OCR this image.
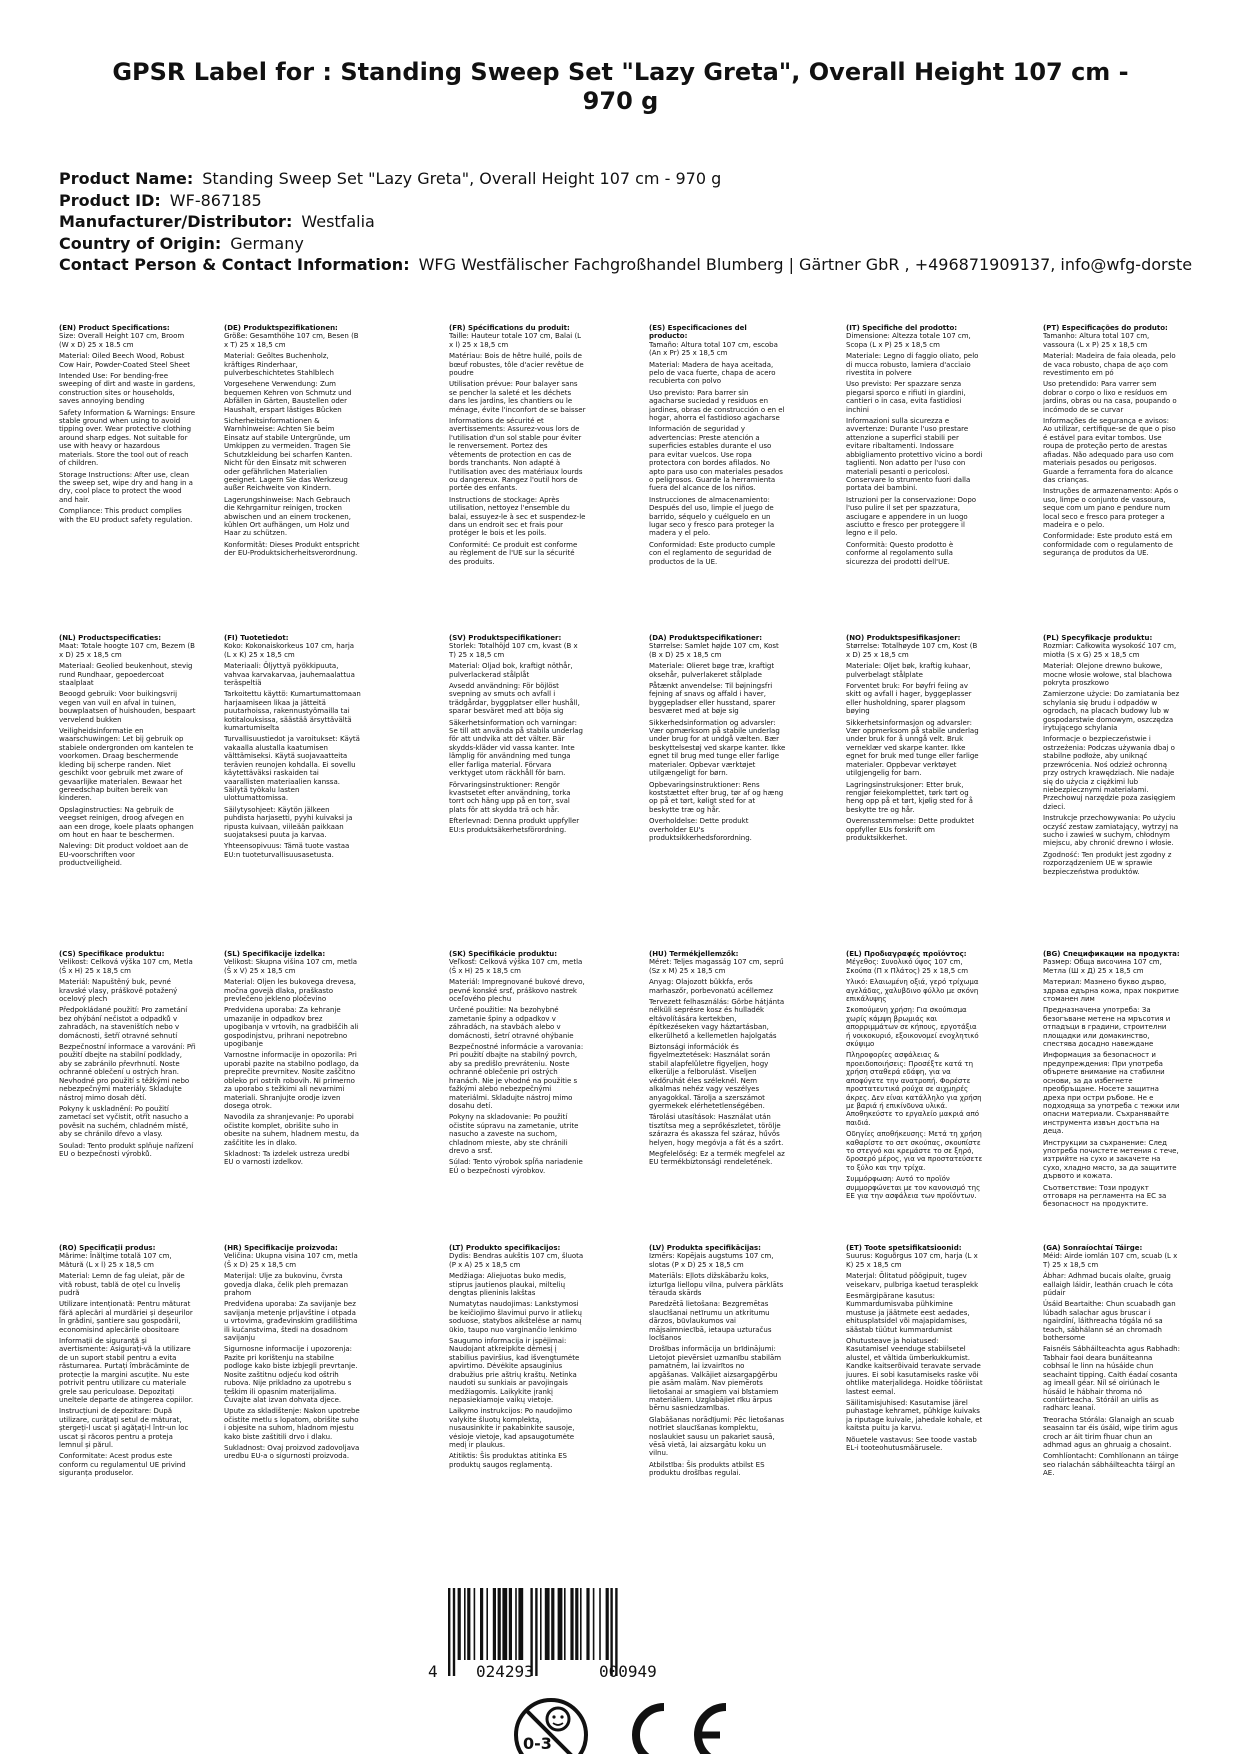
GPSR Label for : Standing Sweep Set "Lazy Greta", Overall Height 107 cm - 970 g
Product Name: Standing Sweep Set "Lazy Greta", Overall Height 107 cm - 970 g
Product ID: WF-867185
Manufacturer/Distributor: Westfalia
Country of Origin: Germany
Contact Person & Contact Information: WFG Westfälischer Fachgroßhandel Blumberg | Gärtner GbR , +496871909137, info@wfg-dorste
(EN) Product Specifications:

Size: Overall Height 107 cm, Broom (W x D) 25 x 18.5 cm

Material: Oiled Beech Wood, Robust Cow Hair, Powder-Coated Steel Sheet

Intended Use: For bending-free sweeping of dirt and waste in gardens, construction sites or households, saves annoying bending

Safety Information & Warnings: Ensure stable ground when using to avoid tipping over. Wear protective clothing around sharp edges. Not suitable for use with heavy or hazardous materials. Store the tool out of reach of children.

Storage Instructions: After use, clean the sweep set, wipe dry and hang in a dry, cool place to protect the wood and hair.

Compliance: This product complies with the EU product safety regulation.

(DE) Produktspezifikationen:

Größe: Gesamthöhe 107 cm, Besen (B x T) 25 x 18,5 cm

Material: Geöltes Buchenholz, kräftiges Rinderhaar, pulverbeschichtetes Stahlblech

Vorgesehene Verwendung: Zum bequemen Kehren von Schmutz und Abfällen in Gärten, Baustellen oder Haushalt, erspart lästiges Bücken

Sicherheitsinformationen & Warnhinweise: Achten Sie beim Einsatz auf stabile Untergründe, um Umkippen zu vermeiden. Tragen Sie Schutzkleidung bei scharfen Kanten. Nicht für den Einsatz mit schweren oder gefährlichen Materialien geeignet. Lagern Sie das Werkzeug außer Reichweite von Kindern.

Lagerungshinweise: Nach Gebrauch die Kehrgarnitur reinigen, trocken abwischen und an einem trockenen, kühlen Ort aufhängen, um Holz und Haar zu schützen.

Konformität: Dieses Produkt entspricht der EU-Produktsicherheitsverordnung.

(FR) Spécifications du produit:

Taille: Hauteur totale 107 cm, Balai (L x l) 25 x 18,5 cm

Matériau: Bois de hêtre huilé, poils de bœuf robustes, tôle d'acier revêtue de poudre

Utilisation prévue: Pour balayer sans se pencher la saleté et les déchets dans les jardins, les chantiers ou le ménage, évite l'inconfort de se baisser

Informations de sécurité et avertissements: Assurez-vous lors de l'utilisation d'un sol stable pour éviter le renversement. Portez des vêtements de protection en cas de bords tranchants. Non adapté à l'utilisation avec des matériaux lourds ou dangereux. Rangez l'outil hors de portée des enfants.

Instructions de stockage: Après utilisation, nettoyez l'ensemble du balai, essuyez-le à sec et suspendez-le dans un endroit sec et frais pour protéger le bois et les poils.

Conformité: Ce produit est conforme au règlement de l'UE sur la sécurité des produits.

(ES) Especificaciones del producto:

Tamaño: Altura total 107 cm, escoba (An x Pr) 25 x 18,5 cm

Material: Madera de haya aceitada, pelo de vaca fuerte, chapa de acero recubierta con polvo

Uso previsto: Para barrer sin agacharse suciedad y residuos en jardines, obras de construcción o en el hogar, ahorra el fastidioso agacharse

Información de seguridad y advertencias: Preste atención a superficies estables durante el uso para evitar vuelcos. Use ropa protectora con bordes afilados. No apto para uso con materiales pesados o peligrosos. Guarde la herramienta fuera del alcance de los niños.

Instrucciones de almacenamiento: Después del uso, limpie el juego de barrido, séquelo y cuélguelo en un lugar seco y fresco para proteger la madera y el pelo.

Conformidad: Este producto cumple con el reglamento de seguridad de productos de la UE.

(IT) Specifiche del prodotto:

Dimensione: Altezza totale 107 cm, Scopa (L x P) 25 x 18,5 cm

Materiale: Legno di faggio oliato, pelo di mucca robusto, lamiera d'acciaio rivestita in polvere

Uso previsto: Per spazzare senza piegarsi sporco e rifiuti in giardini, cantieri o in casa, evita fastidiosi inchini

Informazioni sulla sicurezza e avvertenze: Durante l'uso prestare attenzione a superfici stabili per evitare ribaltamenti. Indossare abbigliamento protettivo vicino a bordi taglienti. Non adatto per l'uso con materiali pesanti o pericolosi. Conservare lo strumento fuori dalla portata dei bambini.

Istruzioni per la conservazione: Dopo l'uso pulire il set per spazzatura, asciugare e appendere in un luogo asciutto e fresco per proteggere il legno e il pelo.

Conformità: Questo prodotto è conforme al regolamento sulla sicurezza dei prodotti dell'UE.

(PT) Especificações do produto:

Tamanho: Altura total 107 cm, vassoura (L x P) 25 x 18,5 cm

Material: Madeira de faia oleada, pelo de vaca robusto, chapa de aço com revestimento em pó

Uso pretendido: Para varrer sem dobrar o corpo o lixo e resíduos em jardins, obras ou na casa, poupando o incómodo de se curvar

Informações de segurança e avisos: Ao utilizar, certifique-se de que o piso é estável para evitar tombos. Use roupa de proteção perto de arestas afiadas. Não adequado para uso com materiais pesados ou perigosos. Guarde a ferramenta fora do alcance das crianças.

Instruções de armazenamento: Após o uso, limpe o conjunto de vassoura, seque com um pano e pendure num local seco e fresco para proteger a madeira e o pelo.

Conformidade: Este produto está em conformidade com o regulamento de segurança de produtos da UE.

(NL) Productspecificaties:

Maat: Totale hoogte 107 cm, Bezem (B x D) 25 x 18,5 cm

Materiaal: Geolied beukenhout, stevig rund Rundhaar, gepoedercoat staalplaat

Beoogd gebruik: Voor buikingsvrij vegen van vuil en afval in tuinen, bouwplaatsen of huishouden, bespaart vervelend bukken

Veiligheidsinformatie en waarschuwingen: Let bij gebruik op stabiele ondergronden om kantelen te voorkomen. Draag beschermende kleding bij scherpe randen. Niet geschikt voor gebruik met zware of gevaarlijke materialen. Bewaar het gereedschap buiten bereik van kinderen.

Opslaginstructies: Na gebruik de veegset reinigen, droog afvegen en aan een droge, koele plaats ophangen om hout en haar te beschermen.

Naleving: Dit product voldoet aan de EU-voorschriften voor productveiligheid.

(FI) Tuotetiedot:

Koko: Kokonaiskorkeus 107 cm, harja (L x K) 25 x 18,5 cm

Materiaali: Öljyttyä pyökkipuuta, vahvaa karvakarvaa, jauhemaalattua teräspeltiä

Tarkoitettu käyttö: Kumartumattomaan harjaamiseen likaa ja jätteitä puutarhoissa, rakennustyömailla tai kotitalouksissa, säästää ärsyttävältä kumartumiselta

Turvallisuustiedot ja varoitukset: Käytä vakaalla alustalla kaatumisen välttämiseksi. Käytä suojavaatteita terävien reunojen kohdalla. Ei sovellu käytettäväksi raskaiden tai vaarallisten materiaalien kanssa. Säilytä työkalu lasten ulottumattomissa.

Säilytysohjeet: Käytön jälkeen puhdista harjasetti, pyyhi kuivaksi ja ripusta kuivaan, viileään paikkaan suojataksesi puuta ja karvaa.

Yhteensopivuus: Tämä tuote vastaa EU:n tuoteturvallisuusasetusta.

(SV) Produktspecifikationer:

Storlek: Totalhöjd 107 cm, kvast (B x T) 25 x 18,5 cm

Material: Oljad bok, kraftigt nöthår, pulverlackerad stålplåt

Avsedd användning: För böjlöst svepning av smuts och avfall i trädgårdar, byggplatser eller hushåll, sparar besväret med att böja sig

Säkerhetsinformation och varningar: Se till att använda på stabila underlag för att undvika att det välter. Bär skydds-kläder vid vassa kanter. Inte lämplig för användning med tunga eller farliga material. Förvara verktyget utom räckhåll för barn.

Förvaringsinstruktioner: Rengör kvastsetet efter användning, torka torrt och häng upp på en torr, sval plats för att skydda trä och hår.

Efterlevnad: Denna produkt uppfyller EU:s produktsäkerhetsförordning.

(DA) Produktspecifikationer:

Størrelse: Samlet højde 107 cm, Kost (B x D) 25 x 18,5 cm

Materiale: Olieret bøge træ, kraftigt oksehår, pulverlakeret stålplade

Påtænkt anvendelse: Til bøjningsfri fejning af snavs og affald i haver, byggepladser eller husstand, sparer besværet med at bøje sig

Sikkerhedsinformation og advarsler: Vær opmærksom på stabile underlag under brug for at undgå vælten. Bær beskyttelsestøj ved skarpe kanter. Ikke egnet til brug med tunge eller farlige materialer. Opbevar værktøjet utilgængeligt for børn.

Opbevaringsinstruktioner: Rens koststættet efter brug, tør af og hæng op på et tørt, køligt sted for at beskytte træ og hår.

Overholdelse: Dette produkt overholder EU's produktsikkerhedsforordning.

(NO) Produktspesifikasjoner:

Størrelse: Totalhøyde 107 cm, Kost (B x D) 25 x 18,5 cm

Materiale: Oljet bøk, kraftig kuhaar, pulverbelagt stålplate

Forventet bruk: For bøyfri feiing av skitt og avfall i hager, byggeplasser eller husholdning, sparer plagsom bøying

Sikkerhetsinformasjon og advarsler: Vær oppmerksom på stabile underlag under bruk for å unngå velt. Bruk verneklær ved skarpe kanter. Ikke egnet for bruk med tunge eller farlige materialer. Oppbevar verktøyet utilgjengelig for barn.

Lagringsinstruksjoner: Etter bruk, rengjør feiekomplettet, tørk tørt og heng opp på et tørt, kjølig sted for å beskytte tre og hår.

Overensstemmelse: Dette produktet oppfyller EUs forskrift om produktsikkerhet.

(PL) Specyfikacje produktu:

Rozmiar: Całkowita wysokość 107 cm, miotła (S x G) 25 x 18,5 cm

Materiał: Olejone drewno bukowe, mocne włosie wołowe, stal blachowa pokryta proszkowo

Zamierzone użycie: Do zamiatania bez schylania się brudu i odpadów w ogrodach, na placach budowy lub w gospodarstwie domowym, oszczędza irytującego schylania

Informacje o bezpieczeństwie i ostrzeżenia: Podczas używania dbaj o stabilne podłoże, aby uniknąć przewrócenia. Noś odzież ochronną przy ostrych krawędziach. Nie nadaje się do użycia z ciężkimi lub niebezpiecznymi materiałami. Przechowuj narzędzie poza zasięgiem dzieci.

Instrukcje przechowywania: Po użyciu oczyść zestaw zamiatający, wytrzyj na sucho i zawieś w suchym, chłodnym miejscu, aby chronić drewno i włosie.

Zgodność: Ten produkt jest zgodny z rozporządzeniem UE w sprawie bezpieczeństwa produktów.

(CS) Specifikace produktu:

Velikost: Celková výška 107 cm, Metla (Š x H) 25 x 18,5 cm

Materiál: Napuštěný buk, pevné kravské vlasy, práškově potažený ocelový plech

Předpokládané použití: Pro zametání bez ohýbání nečistot a odpadků v zahradách, na staveništích nebo v domácnosti, šetří otravné sehnutí

Bezpečnostní informace a varování: Při použití dbejte na stabilní podklady, aby se zabránilo převrhnutí. Noste ochranné oblečení u ostrých hran. Nevhodné pro použití s těžkými nebo nebezpečnými materiály. Skladujte nástroj mimo dosah dětí.

Pokyny k uskladnění: Po použití zametací set vyčistit, otřít nasucho a pověsit na suchém, chladném místě, aby se chránilo dřevo a vlasy.

Soulad: Tento produkt splňuje nařízení EU o bezpečnosti výrobků.

(SL) Specifikacije izdelka:

Velikost: Skupna višina 107 cm, metla (Š x V) 25 x 18,5 cm

Material: Oljen les bukovega drevesa, močna govejà dlaka, praškasto prevlečeno jekleno pločevino

Predvidena uporaba: Za kehranje umazanije in odpadkov brez upogibanja v vrtovih, na gradbiščih ali gospodinjstvu, prihrani nepotrebno upogibanje

Varnostne informacije in opozorila: Pri uporabi pazite na stabilno podlago, da preprečite prevrnitev. Nosite zaščitno obleko pri ostrih robovih. Ni primerno za uporabo s težkimi ali nevarnimi materiali. Shranjujte orodje izven dosega otrok.

Navodila za shranjevanje: Po uporabi očistite komplet, obrišite suho in obesite na suhem, hladnem mestu, da zaščitite les in dlako.

Skladnost: Ta izdelek ustreza uredbi EU o varnosti izdelkov.

(SK) Špecifikácie produktu:

Veľkosť: Celková výška 107 cm, metla (Š x H) 25 x 18,5 cm

Materiál: Impregnované bukové drevo, pevné konské srsť, práškovo nastrek oceľového plechu

Určené použitie: Na bezohybné zametanie špiny a odpadkov v záhradách, na stavbách alebo v domácnosti, šetrí otravné ohýbanie

Bezpečnostné informácie a varovania: Pri použití dbajte na stabilný povrch, aby sa predišlo prevráteniu. Noste ochranné oblečenie pri ostrých hranách. Nie je vhodné na použitie s ťažkými alebo nebezpečnými materiálmi. Skladujte nástroj mimo dosahu detí.

Pokyny na skladovanie: Po použití očistite súpravu na zametanie, utrite nasucho a zaveste na suchom, chladnom mieste, aby ste chránili drevo a srsť.

Súlad: Tento výrobok spĺňa nariadenie EÚ o bezpečnosti výrobkov.

(HU) Termékjellemzők:

Méret: Teljes magasság 107 cm, seprű (Sz x M) 25 x 18,5 cm

Anyag: Olajozott bükkfa, erős marhaszőr, porbevonatú acéllemez

Tervezett felhasználás: Görbe hátjánta nélküli seprésre kosz és hulladék eltávolítására kertekben, építkezéseken vagy háztartásban, elkerülhető a kellemetlen hajolgatás

Biztonsági információk és figyelmeztetések: Használat során stabil alapfelületre figyeljen, hogy elkerülje a felborulást. Viseljen védőruhát éles széleknél. Nem alkalmas nehéz vagy veszélyes anyagokkal. Tárolja a szerszámot gyermekek elérhetetlenségében.

Tárolási utasítások: Használat után tisztítsa meg a seprőkészletet, törölje szárazra és akassza fel száraz, hűvös helyen, hogy megóvja a fát és a szőrt.

Megfelelőség: Ez a termék megfelel az EU termékbiztonsági rendeletének.

(EL) Προδιαγραφές προϊόντος:

Μέγεθος: Συνολικό ύψος 107 cm, Σκούπα (Π x Πλάτος) 25 x 18,5 cm

Υλικό: Ελαιωμένη οξιά, γερό τρίχωμα αγελάδας, χαλυβδινο φύλλο με σκόνη επικάλυψης

Σκοπούμενη χρήση: Για σκούπισμα χωρίς κάμψη βρωμιάς και απορριμμάτων σε κήπους, εργοτάξια ή νοικοκυριό, εξοικονομεί ενοχλητικό σκύψιμο

Πληροφορίες ασφάλειας & προειδοποιήσεις: Προσέξτε κατά τη χρήση σταθερά εδάφη, για να αποφύγετε την ανατροπή. Φορέστε προστατευτικά ρούχα σε αιχμηρές άκρες. Δεν είναι κατάλληλο για χρήση με βαριά ή επικίνδυνα υλικά. Αποθηκεύστε το εργαλείο μακριά από παιδιά.

Οδηγίες αποθήκευσης: Μετά τη χρήση καθαρίστε το σετ σκούπας, σκουπίστε το στεγνό και κρεμάστε το σε ξηρό, δροσερό μέρος, για να προστατεύσετε το ξύλο και την τρίχα.

Συμμόρφωση: Αυτό το προϊόν συμμορφώνεται με τον κανονισμό της ΕΕ για την ασφάλεια των προϊόντων.

(BG) Спецификации на продукта:

Размер: Обща височина 107 cm, Метла (Ш x Д) 25 x 18,5 cm

Материал: Мазнено букво дърво, здрава едърна кожа, прах покритие стоманен лим

Предназначена употреба: За безогъване метене на мръсотия и отпадъци в градини, строителни площадки или домакинство, спестява досадно навеждане

Информация за безопасност и предупреждения: При употреба обърнете внимание на стабилни основи, за да избегнете преобръщане. Носете защитна дреха при остри ръбове. Не е подходяща за употреба с тежки или опасни материали. Съхранявайте инструмента извън достъпа на деца.

Инструкции за съхранение: След употреба почистете метения с тече, изтрийте на сухо и закачете на сухо, хладно място, за да защитите дървото и кожата.

Съответствие: Този продукт отговаря на регламента на ЕС за безопасност на продуктите.

(RO) Specificații produs:

Mărime: Înălțime totală 107 cm, Mătură (L x l) 25 x 18,5 cm

Material: Lemn de fag uleiat, păr de vită robust, tablă de oțel cu înveliș pudră

Utilizare intenționată: Pentru măturat fără aplecări al murdăriei și deșeurilor în grădini, șantiere sau gospodării, economisind aplecările obositoare

Informații de siguranță și avertismente: Asigurați-vă la utilizare de un suport stabil pentru a evita răsturnarea. Purtați îmbrăcăminte de protecție la margini ascuțite. Nu este potrivit pentru utilizare cu materiale grele sau periculoase. Depozitați uneltele departe de atingerea copiilor.

Instrucțiuni de depozitare: După utilizare, curățați setul de măturat, ștergeți-l uscat și agățați-l într-un loc uscat și răcoros pentru a proteja lemnul și părul.

Conformitate: Acest produs este conform cu regulamentul UE privind siguranța produselor.

(HR) Specifikacije proizvoda:

Veličina: Ukupna visina 107 cm, metla (Š x D) 25 x 18,5 cm

Materijal: Ulje za bukovinu, čvrsta govedja dlaka, čelik pleh premazan prahom

Predviđena uporaba: Za savijanje bez savijanja metenje prljavštine i otpada u vrtovima, građevinskim gradilištima ili kućanstvima, štedi na dosadnom savijanju

Sigurnosne informacije i upozorenja: Pazite pri korištenju na stabilne podloge kako biste izbjegli prevrtanje. Nosite zaštitnu odjeću kod oštrih rubova. Nije prikladno za upotrebu s teškim ili opasnim materijalima. Čuvajte alat izvan dohvata djece.

Upute za skladištenje: Nakon upotrebe očistite metlu s lopatom, obrišite suho i objesite na suhom, hladnom mjestu kako biste zaštitili drvo i dlaku.

Sukladnost: Ovaj proizvod zadovoljava uredbu EU-a o sigurnosti proizvoda.

(LT) Produkto specifikacijos:

Dydis: Bendras aukštis 107 cm, šluota (P x A) 25 x 18,5 cm

Medžiaga: Aliejuotas buko medis, stiprus jautienos plaukai, miltelių dengtas plieninis lakštas

Numatytas naudojimas: Lankstymosi be keičiojimo šlavimui purvo ir atliekų soduose, statybos aikštelėse ar namų ūkio, taupo nuo varginančio lenkimo

Saugumo informacija ir įspėjimai: Naudojant atkreipkite dėmesį į stabilius paviršius, kad išvengtumėte apvirtimo. Dėvėkite apsauginius drabužius prie aštrių kraštų. Netinka naudoti su sunkiais ar pavojingais medžiagomis. Laikykite įrankį nepasiekiamoje vaikų vietoje.

Laikymo instrukcijos: Po naudojimo valykite šluotų komplektą, nusausinkite ir pakabinkite sausoje, vėsioje vietoje, kad apsaugotumėte medį ir plaukus.

Atitiktis: Šis produktas atitinka ES produktų saugos reglamentą.

(LV) Produkta specifikācijas:

Izmērs: Kopējais augstums 107 cm, slotas (P x D) 25 x 18,5 cm

Materiāls: Eļlots dižskābaržu koks, izturīga liellopu vilna, pulvera pārklāts tērauda skārds

Paredzētā lietošana: Bezgremētas slaucīšanai netīrumu un atkritumu dārzos, būvlaukumos vai mājsaimniecībā, ietaupa uzturačus locīšanos

Drošības informācija un brīdinājumi: Lietojot pievērsiet uzmanību stabilām pamatnēm, lai izvairītos no apgāšanas. Valkājiet aizsargapģērbu pie asām malām. Nav piemērots lietošanai ar smagiem vai bīstamiem materiāliem. Uzglabājiet rīku ārpus bērnu sasniedzamības.

Glabāšanas norādījumi: Pēc lietošanas notīriet slaucīšanas komplektu, noslaukiet sausu un pakariet sausā, vēsā vietā, lai aizsargātu koku un vilnu.

Atbilstība: Šis produkts atbilst ES produktu drošības regulai.

(ET) Toote spetsifikatsioonid:

Suurus: Koguõrgus 107 cm, harja (L x K) 25 x 18,5 cm

Materjal: Õlitatud pöögipuit, tugev veisekarv, pulbriga kaetud terasplekk

Eesmärgipärane kasutus: Kummardumisvaba pühkimine mustuse ja jäätmete eest aedades, ehitusplatsidel või majapidamises, säästab tüütut kummardumist

Ohutusteave ja hoiatused: Kasutamisel veenduge stabiilsetel alustel, et vältida ümberkukkumist. Kandke kaitserõivaid teravate servade juures. Ei sobi kasutamiseks raske või ohtlike materjalidega. Hoidke tööriistat lastest eemal.

Säilitamisjuhised: Kasutamise järel puhastage kehramet, pühkige kuivaks ja riputage kuivale, jahedale kohale, et kaitsta puitu ja karvu.

Nõuetele vastavus: See toode vastab EL-i tooteohutusmäärusele.

(GA) Sonraíochtaí Táirge:

Méid: Airde iomlán 107 cm, scuab (L x T) 25 x 18,5 cm

Ábhar: Adhmad bucais olaíte, gruaig eallaigh láidir, leathán cruach le cóta púdair

Úsáid Beartaithe: Chun scuabadh gan lúbadh salachar agus bruscar i ngairdíní, láithreacha tógála nó sa teach, sábhálann sé an chromadh bothersome

Faisnéis Sábháilteachta agus Rabhadh: Tabhair faoi deara bunáiteanna cobhsaí le linn na húsáide chun seachaint tipping. Caith éadaí cosanta ag imeall géar. Níl sé oiriúnach le húsáid le hábhair throma nó contúirteacha. Stóráil an uirlis as radharc leanaí.

Treoracha Stórála: Glanaigh an scuab seasainn tar éis úsáid, wipe tirim agus croch ar áit tirim fhuar chun an adhmad agus an ghruaig a chosaint.

Comhlíontacht: Comhlíonann an táirge seo rialachán sábháilteachta táirgí an AE.

4 024293	000949
0-3
